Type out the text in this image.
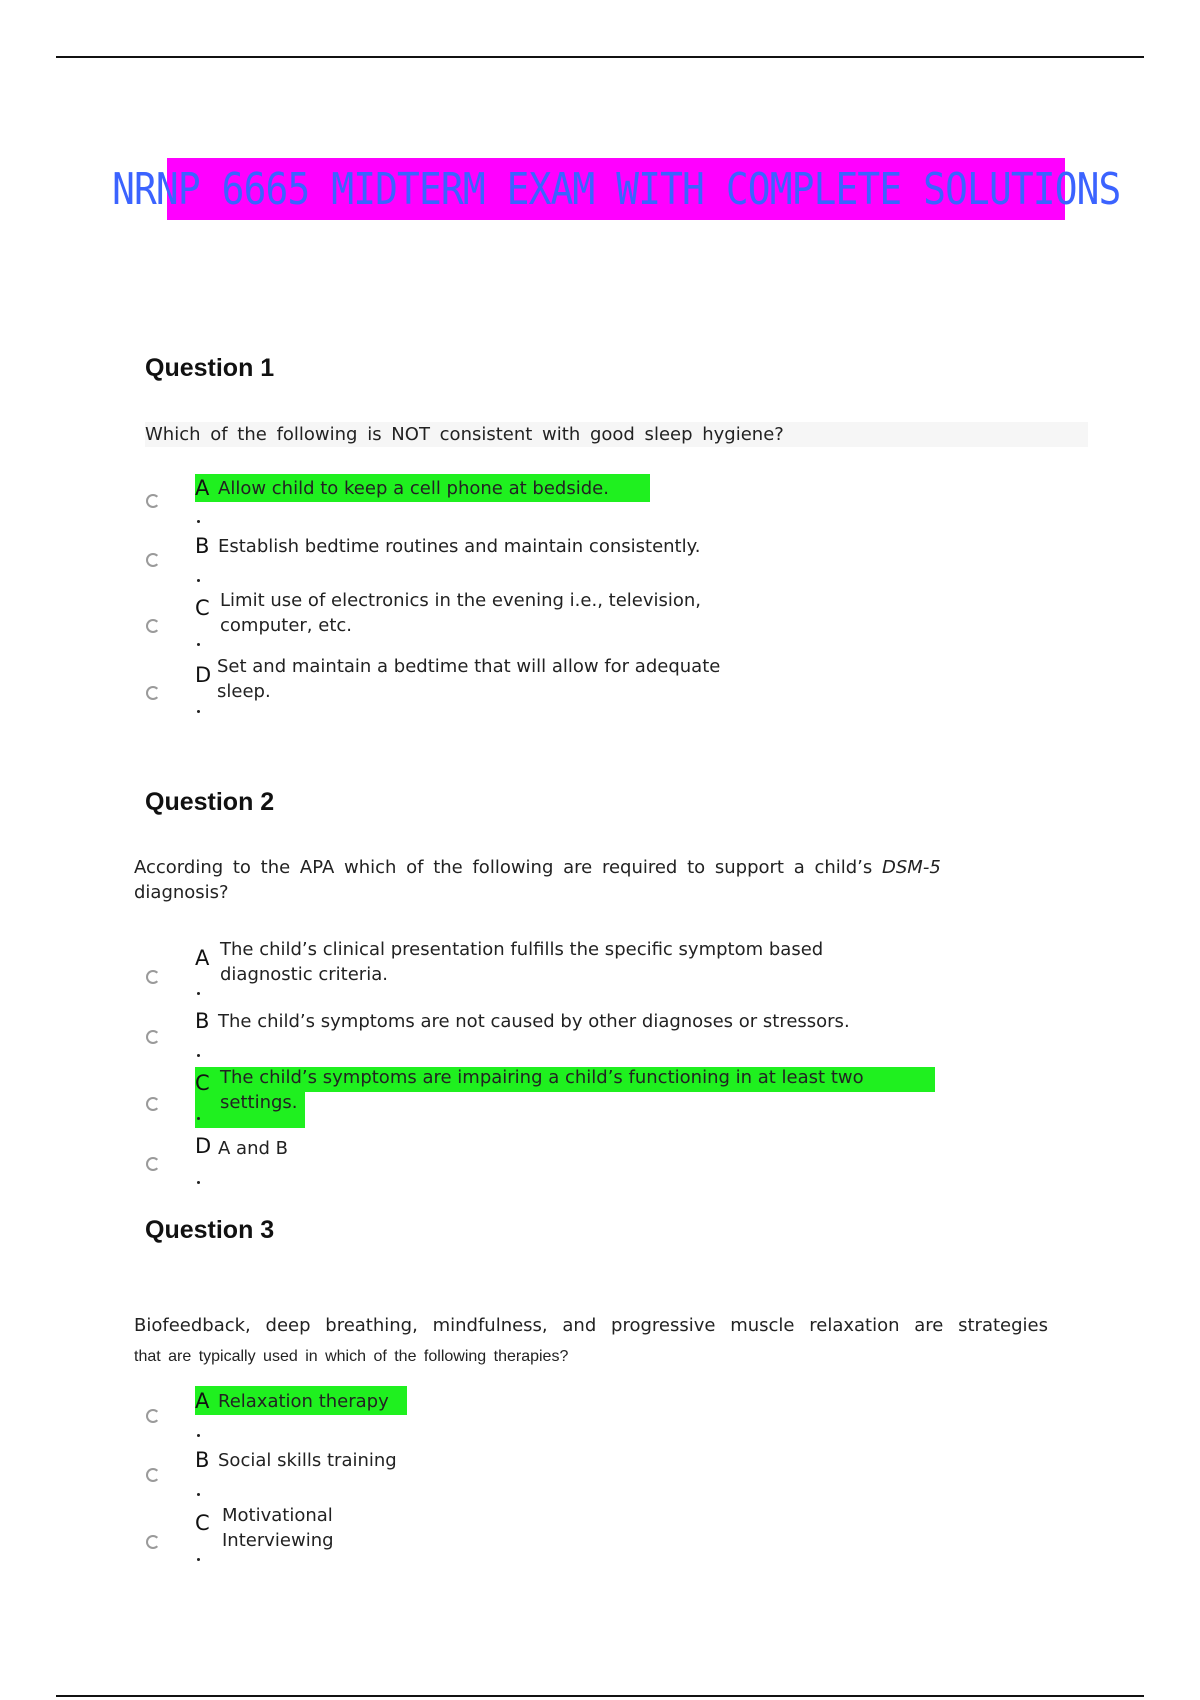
NRNP 6665 MIDTERM EXAM WITH COMPLETE SOLUTIONS
Question 1
Which of the following is NOT consistent with good sleep hygiene?
A Allow child to keep a cell phone at bedside.
B Establish bedtime routines and maintain consistently.
C Limit use of electronics in the evening i.e., television, computer, etc.
D Set and maintain a bedtime that will allow for adequate sleep.
Question 2
According to the APA which of the following are required to support a child’s DSM-5
diagnosis?
A The child’s clinical presentation fulfills the specific symptom based diagnostic criteria.
B The child’s symptoms are not caused by other diagnoses or stressors.
C The child’s symptoms are impairing a child’s functioning in at least two settings.
D A and B
Question 3
Biofeedback, deep breathing, mindfulness, and progressive muscle relaxation are strategies
that are typically used in which of the following therapies?
A Relaxation therapy
B Social skills training
C Motivational Interviewing
